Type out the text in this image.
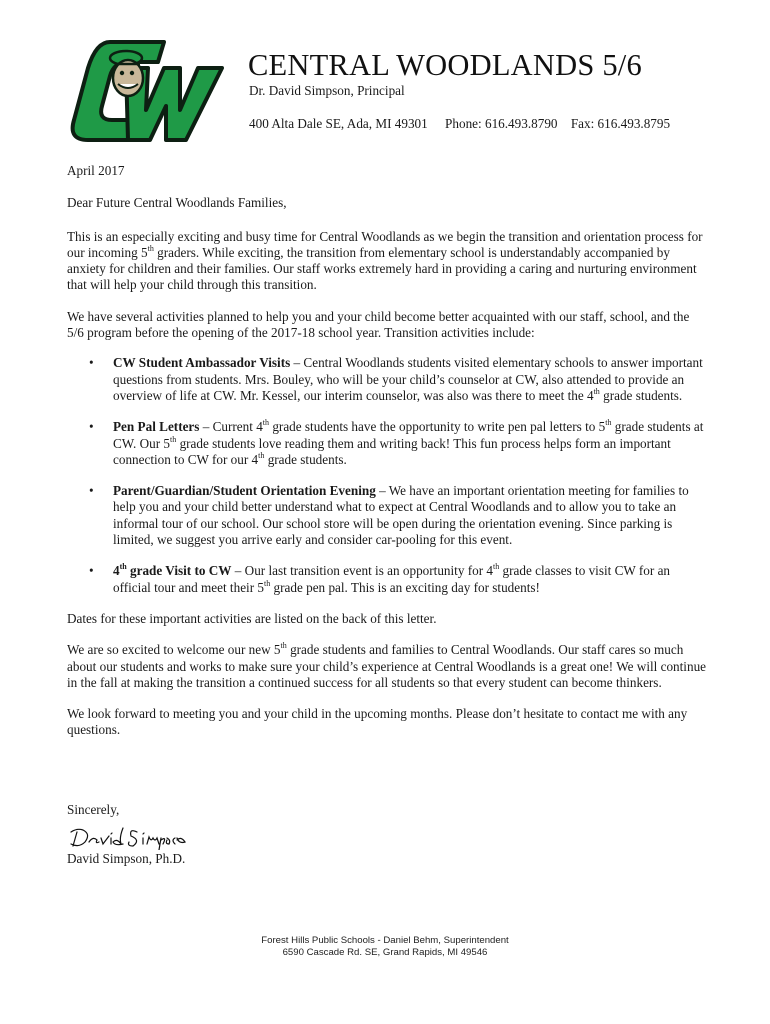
CENTRAL WOODLANDS 5/6
Dr. David Simpson, Principal
400 Alta Dale SE, Ada, MI 49301 Phone: 616.493.8790 Fax: 616.493.8795

April 2017

Dear Future Central Woodlands Families,

This is an especially exciting and busy time for Central Woodlands as we begin the transition and orientation process for our incoming 5th graders. While exciting, the transition from elementary school is understandably accompanied by anxiety for children and their families. Our staff works extremely hard in providing a caring and nurturing environment that will help your child through this transition.

We have several activities planned to help you and your child become better acquainted with our staff, school, and the 5/6 program before the opening of the 2017-18 school year. Transition activities include:

• CW Student Ambassador Visits – Central Woodlands students visited elementary schools to answer important questions from students. Mrs. Bouley, who will be your child’s counselor at CW, also attended to provide an overview of life at CW. Mr. Kessel, our interim counselor, was also was there to meet the 4th grade students.
• Pen Pal Letters – Current 4th grade students have the opportunity to write pen pal letters to 5th grade students at CW. Our 5th grade students love reading them and writing back! This fun process helps form an important connection to CW for our 4th grade students.
• Parent/Guardian/Student Orientation Evening – We have an important orientation meeting for families to help you and your child better understand what to expect at Central Woodlands and to allow you to take an informal tour of our school. Our school store will be open during the orientation evening. Since parking is limited, we suggest you arrive early and consider car-pooling for this event.
• 4th grade Visit to CW – Our last transition event is an opportunity for 4th grade classes to visit CW for an official tour and meet their 5th grade pen pal. This is an exciting day for students!

Dates for these important activities are listed on the back of this letter.

We are so excited to welcome our new 5th grade students and families to Central Woodlands. Our staff cares so much about our students and works to make sure your child’s experience at Central Woodlands is a great one! We will continue in the fall at making the transition a continued success for all students so that every student can become thinkers.

We look forward to meeting you and your child in the upcoming months. Please don’t hesitate to contact me with any questions.

Sincerely,
David Simpson, Ph.D.
Forest Hills Public Schools - Daniel Behm, Superintendent
6590 Cascade Rd. SE, Grand Rapids, MI 49546
